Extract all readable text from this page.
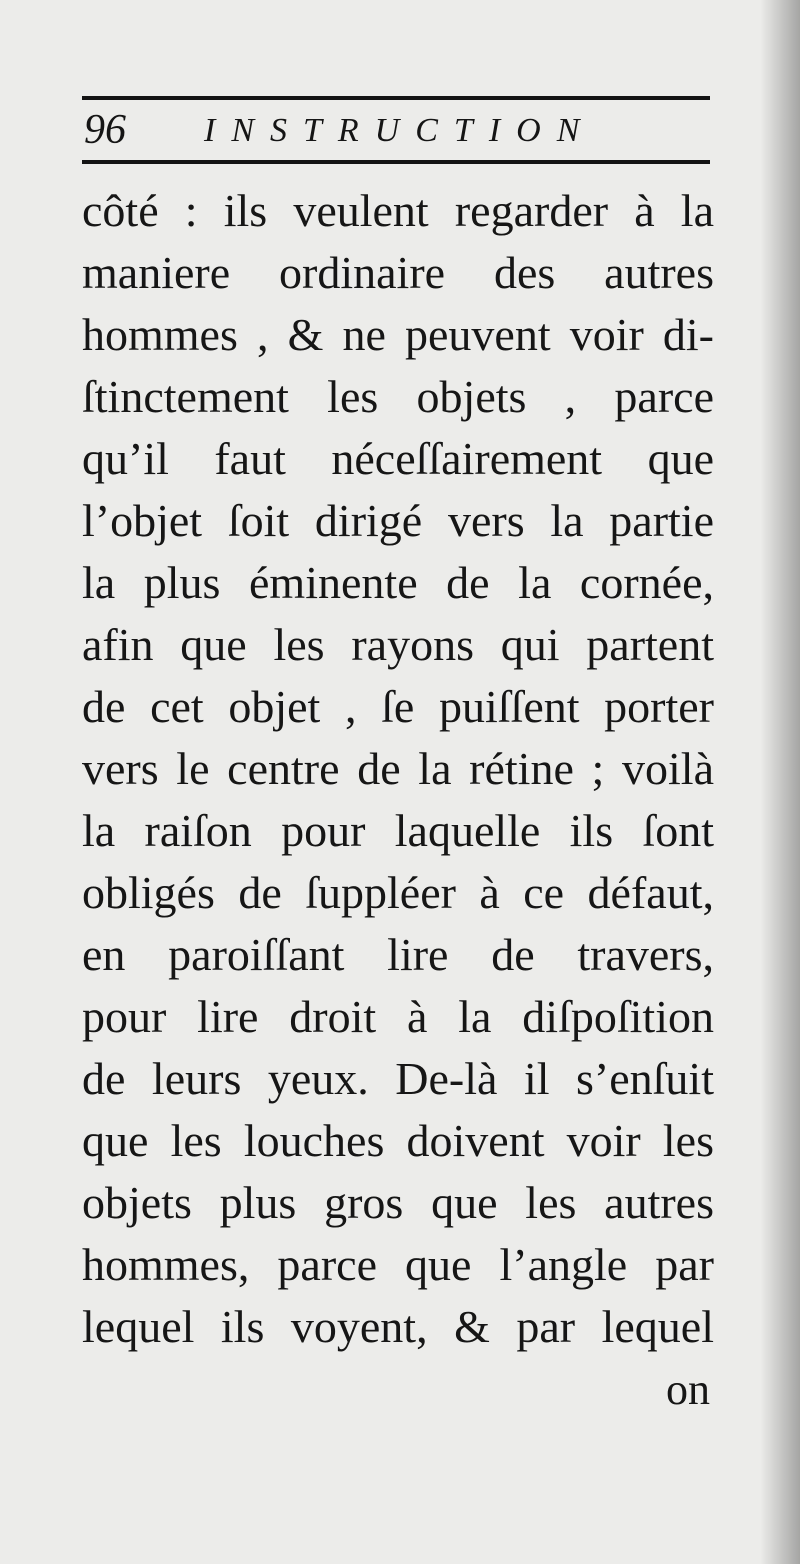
96 INSTRUCTION
côté : ils veulent regarder à la
maniere ordinaire des autres
hommes , & ne peuvent voir di-
ſtinctement les objets , parce
qu’il faut néceſſairement que
l’objet ſoit dirigé vers la partie
la plus éminente de la cornée,
afin que les rayons qui partent
de cet objet , ſe puiſſent porter
vers le centre de la rétine ; voilà
la raiſon pour laquelle ils ſont
obligés de ſuppléer à ce défaut,
en paroiſſant lire de travers,
pour lire droit à la diſpoſition
de leurs yeux. De-là il s’enſuit
que les louches doivent voir les
objets plus gros que les autres
hommes, parce que l’angle par
lequel ils voyent, & par lequel
on
